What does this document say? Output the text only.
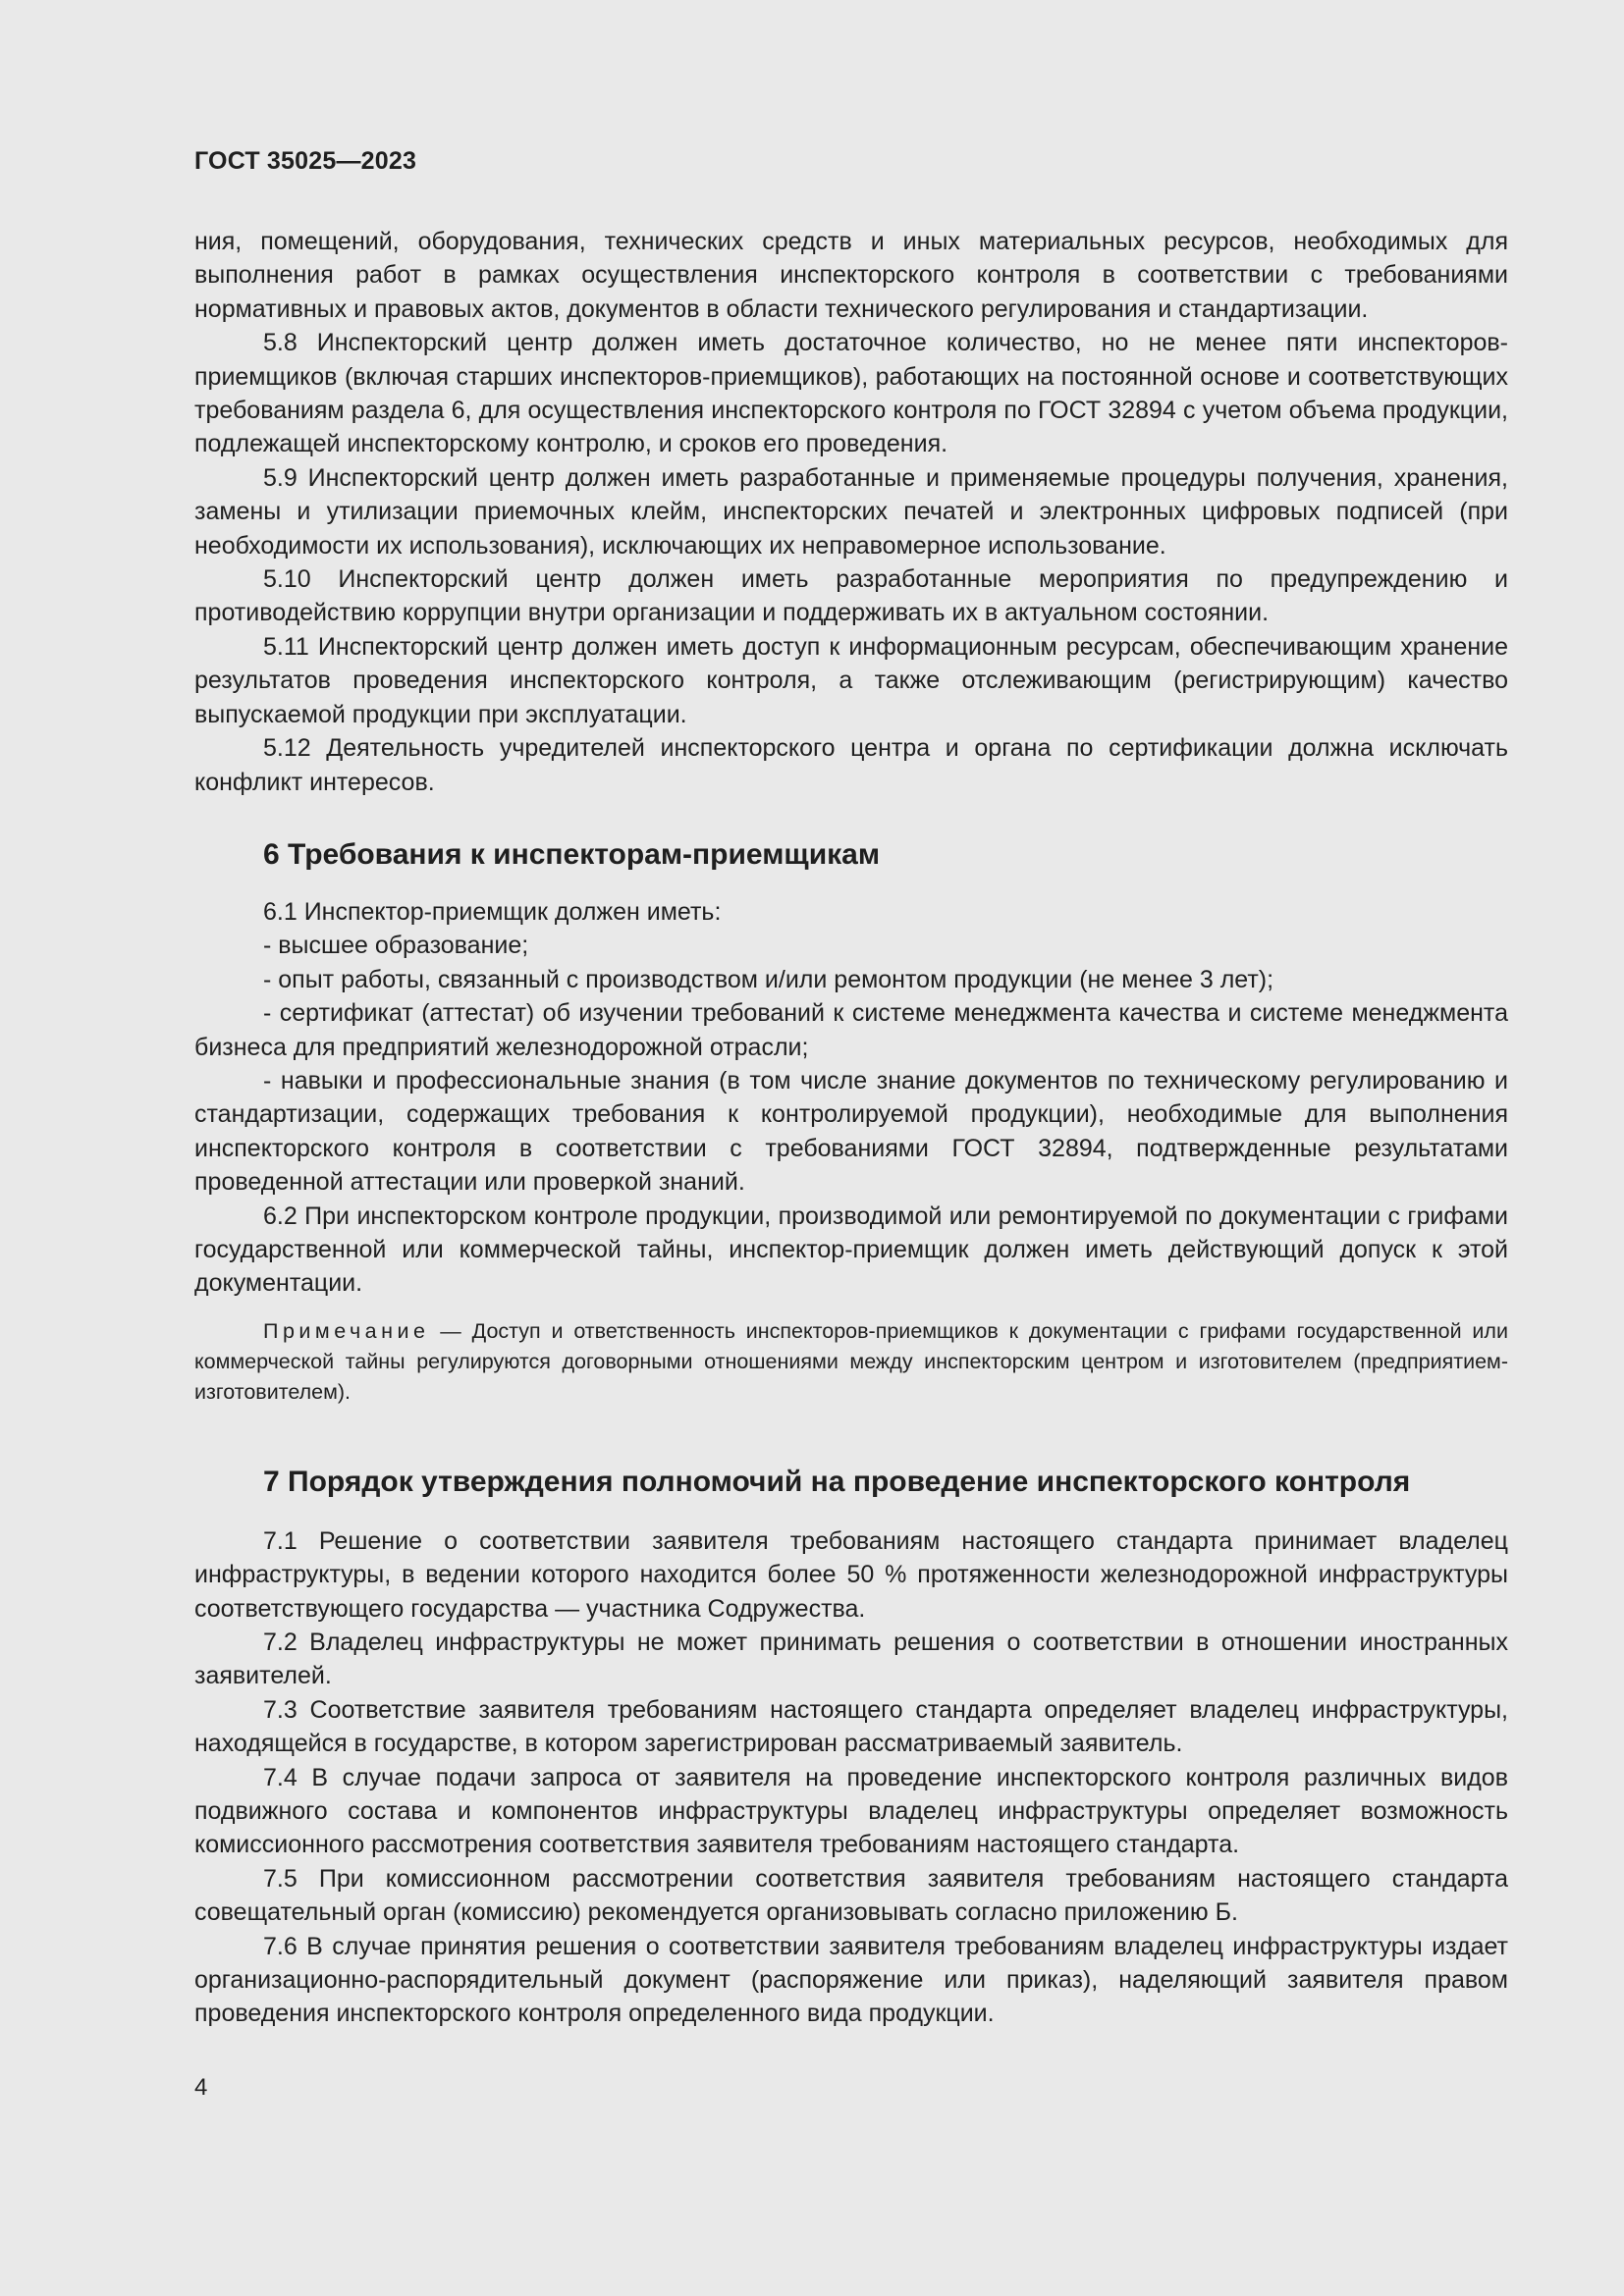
ГОСТ 35025—2023

ния, помещений, оборудования, технических средств и иных материальных ресурсов, необходимых для выполнения работ в рамках осуществления инспекторского контроля в соответствии с требованиями нормативных и правовых актов, документов в области технического регулирования и стандартизации.

5.8 Инспекторский центр должен иметь достаточное количество, но не менее пяти инспекторов-приемщиков (включая старших инспекторов-приемщиков), работающих на постоянной основе и соответствующих требованиям раздела 6, для осуществления инспекторского контроля по ГОСТ 32894 с учетом объема продукции, подлежащей инспекторскому контролю, и сроков его проведения.

5.9 Инспекторский центр должен иметь разработанные и применяемые процедуры получения, хранения, замены и утилизации приемочных клейм, инспекторских печатей и электронных цифровых подписей (при необходимости их использования), исключающих их неправомерное использование.

5.10 Инспекторский центр должен иметь разработанные мероприятия по предупреждению и противодействию коррупции внутри организации и поддерживать их в актуальном состоянии.

5.11 Инспекторский центр должен иметь доступ к информационным ресурсам, обеспечивающим хранение результатов проведения инспекторского контроля, а также отслеживающим (регистрирующим) качество выпускаемой продукции при эксплуатации.

5.12 Деятельность учредителей инспекторского центра и органа по сертификации должна исключать конфликт интересов.

6 Требования к инспекторам-приемщикам

6.1 Инспектор-приемщик должен иметь:

- высшее образование;

- опыт работы, связанный с производством и/или ремонтом продукции (не менее 3 лет);

- сертификат (аттестат) об изучении требований к системе менеджмента качества и системе менеджмента бизнеса для предприятий железнодорожной отрасли;

- навыки и профессиональные знания (в том числе знание документов по техническому регулированию и стандартизации, содержащих требования к контролируемой продукции), необходимые для выполнения инспекторского контроля в соответствии с требованиями ГОСТ 32894, подтвержденные результатами проведенной аттестации или проверкой знаний.

6.2 При инспекторском контроле продукции, производимой или ремонтируемой по документации с грифами государственной или коммерческой тайны, инспектор-приемщик должен иметь действующий допуск к этой документации.

Примечание — Доступ и ответственность инспекторов-приемщиков к документации с грифами государственной или коммерческой тайны регулируются договорными отношениями между инспекторским центром и изготовителем (предприятием-изготовителем).

7 Порядок утверждения полномочий на проведение инспекторского контроля

7.1 Решение о соответствии заявителя требованиям настоящего стандарта принимает владелец инфраструктуры, в ведении которого находится более 50 % протяженности железнодорожной инфраструктуры соответствующего государства — участника Содружества.

7.2 Владелец инфраструктуры не может принимать решения о соответствии в отношении иностранных заявителей.

7.3 Соответствие заявителя требованиям настоящего стандарта определяет владелец инфраструктуры, находящейся в государстве, в котором зарегистрирован рассматриваемый заявитель.

7.4 В случае подачи запроса от заявителя на проведение инспекторского контроля различных видов подвижного состава и компонентов инфраструктуры владелец инфраструктуры определяет возможность комиссионного рассмотрения соответствия заявителя требованиям настоящего стандарта.

7.5 При комиссионном рассмотрении соответствия заявителя требованиям настоящего стандарта совещательный орган (комиссию) рекомендуется организовывать согласно приложению Б.

7.6 В случае принятия решения о соответствии заявителя требованиям владелец инфраструктуры издает организационно-распорядительный документ (распоряжение или приказ), наделяющий заявителя правом проведения инспекторского контроля определенного вида продукции.

4
